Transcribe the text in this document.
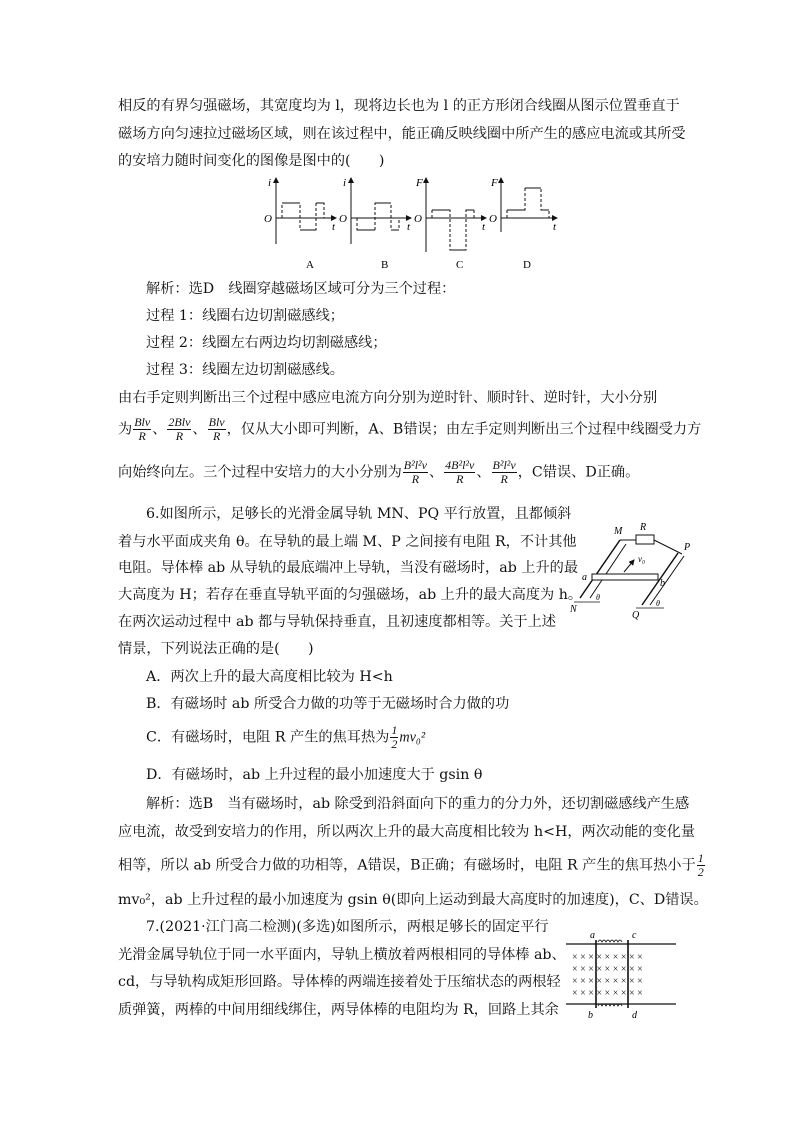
相反的有界匀强磁场，其宽度均为 l，现将边长也为 l 的正方形闭合线圈从图示位置垂直于
磁场方向匀速拉过磁场区域，则在该过程中，能正确反映线圈中所产生的感应电流或其所受
的安培力随时间变化的图像是图中的(　　)
i
O
t
A
i
O
t
B
F
O
t
C
F
O
t
D
解析：选D　线圈穿越磁场区域可分为三个过程：
过程 1：线圈右边切割磁感线；
过程 2：线圈左右两边均切割磁感线；
过程 3：线圈左边切割磁感线。
由右手定则判断出三个过程中感应电流方向分别为逆时针、顺时针、逆时针，大小分别
为 $\frac{\text{Blv}}{R}$ 、 $\frac{\text{2Blv}}{R}$ 、 $\frac{\text{Blv}}{R}$ ，仅从大小即可判断，A、B错误；由左手定则判断出三个过程中线圈受力方
向始终向左。三个过程中安培力的大小分别为 $\frac{\text{B²l²v}}{R}$ 、 $\frac{\text{4B²l²v}}{R}$ 、 $\frac{\text{B²l²v}}{R}$ ，C错误、D正确。
6.如图所示，足够长的光滑金属导轨 MN、PQ 平行放置，且都倾斜
着与水平面成夹角 θ。在导轨的最上端 M、P 之间接有电阻 R，不计其他
电阻。导体棒 ab 从导轨的最底端冲上导轨，当没有磁场时，ab 上升的最
大高度为 H；若存在垂直导轨平面的匀强磁场，ab 上升的最大高度为 h。
在两次运动过程中 ab 都与导轨保持垂直，且初速度都相等。关于上述
情景，下列说法正确的是(　　)
M R
P
v₀
a
b
N
Q
θ
θ
A．两次上升的最大高度相比较为 H<h
B．有磁场时 ab 所受合力做的功等于无磁场时合力做的功
C．有磁场时，电阻 R 产生的焦耳热为 $\frac{1}{2} mv_0^2$
D．有磁场时，ab 上升过程的最小加速度大于 gsin θ
解析：选B　当有磁场时，ab 除受到沿斜面向下的重力的分力外，还切割磁感线产生感
应电流，故受到安培力的作用，所以两次上升的最大高度相比较为 h<H，两次动能的变化量
相等，所以 ab 所受合力做的功相等，A错误，B正确；有磁场时，电阻 R 产生的焦耳热小于 $\frac{1}{2}$
mv₀²，ab 上升过程的最小加速度为 gsin θ(即向上运动到最大高度时的加速度)，C、D错误。
7.(2021·江门高二检测)(多选)如图所示，两根足够长的固定平行
光滑金属导轨位于同一水平面内，导轨上横放着两根相同的导体棒 ab、
cd，与导轨构成矩形回路。导体棒的两端连接着处于压缩状态的两根轻
质弹簧，两棒的中间用细线绑住，两导体棒的电阻均为 R，回路上其余
× × × × × × × × ×
× × × × × × × × ×
× × × × × × × × ×
× × × × × × × × ×
a	c
b	d
